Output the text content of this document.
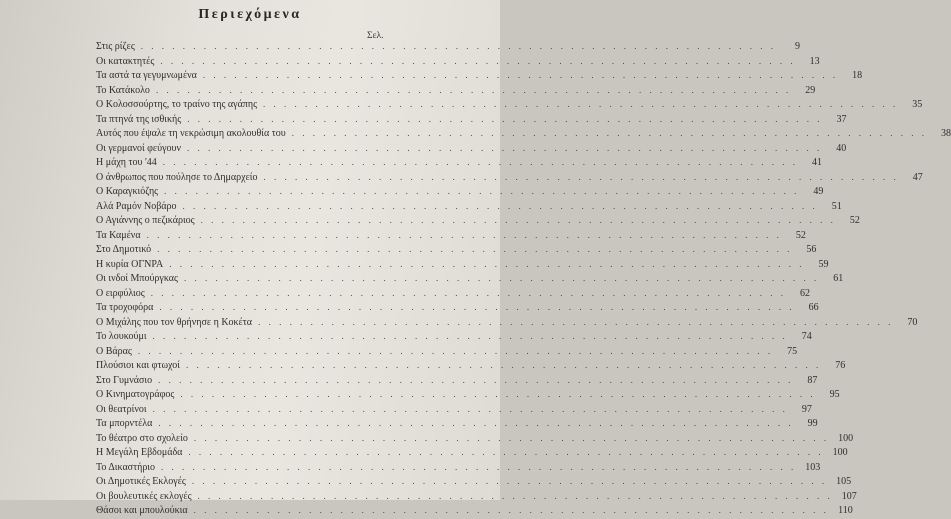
Περιεχόμενα
Σελ.
Στις ρίζες . . .	9
Οι κατακτητές . . .	13
Τα αστά τα γεγυμνωμένα . . .	18
Το Κατάκολο . . .	29
Ο Κολοσσούρτης, το τραίνο της αγάπης . . .	35
Τα πτηνά της ισθικής . . .	37
Αυτός που έψαλε τη νεκρώσιμη ακολουθία του . . .	38
Οι γερμανοί φεύγουν . . .	40
Η μάχη του '44 . . .	41
Ο άνθρωπος που πούλησε το Δημαρχείο . . .	47
Ο Καραγκιόζης . . .	49
Αλά Ραμόν Νοβάρο . . .	51
Ο Αγιάννης ο πεζικάριος . . .	52
Τα Καμένα . . .	52
Στο Δημοτικό . . .	56
Η κυρία ΟΓΝΡΑ . . .	59
Οι ινδοί Μπούργκας . . .	61
Ο ειρφύλιος . . .	62
Τα τροχοφόρα . . .	66
Ο Μιχάλης που τον θρήνησε η Κοκέτα . . .	70
Το λουκούμι . . .	74
Ο Βάρας . . .	75
Πλούσιοι και φτωχοί . . .	76
Στο Γυμνάσιο . . .	87
Ο Κινηματογράφος . . .	95
Οι θεατρίνοι . . .	97
Τα μπορντέλα . . .	99
Το θέατρο στο σχολείο . . .	100
Η Μεγάλη Εβδομάδα . . .	100
Το Δικαστήριο . . .	103
Οι Δημοτικές Εκλογές . . .	105
Οι βουλευτικές εκλογές . . .	107
Θάσοι και μπουλούκια . . .	110
